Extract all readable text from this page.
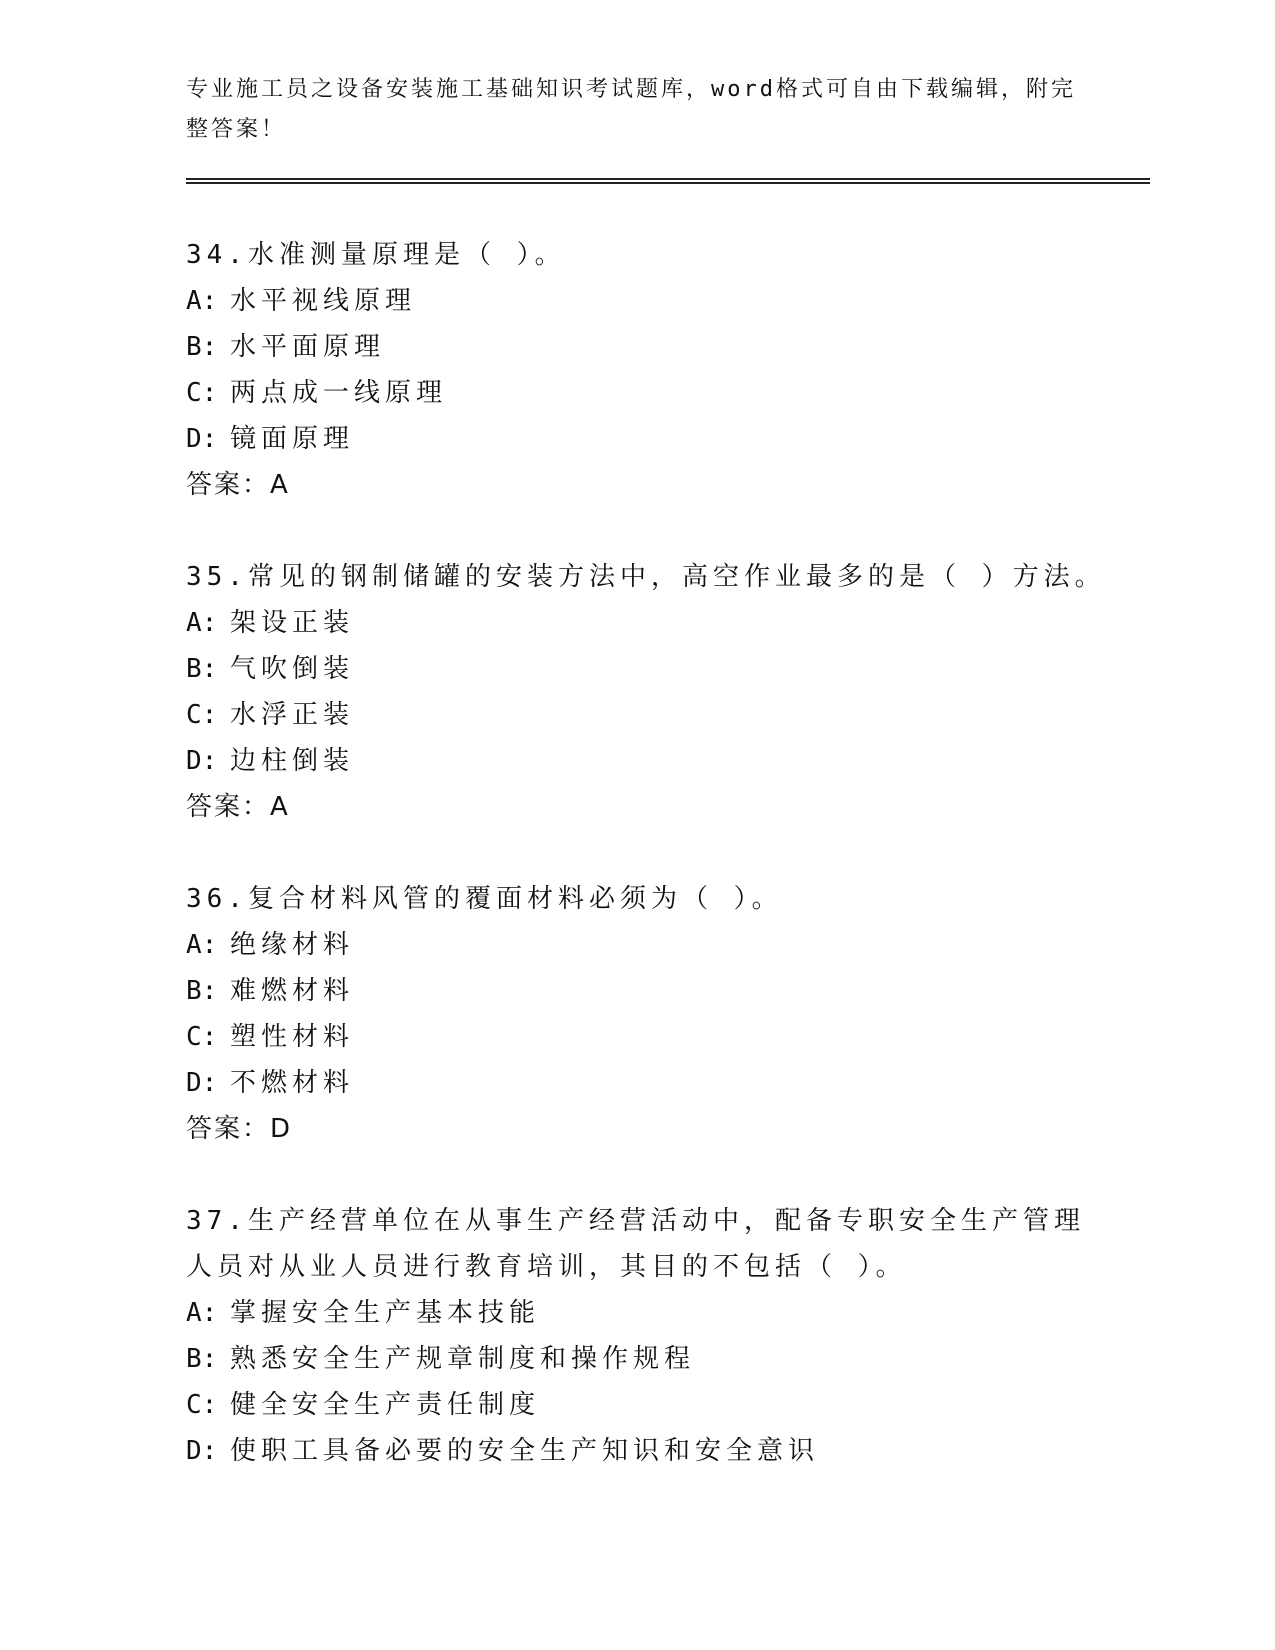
专业施工员之设备安装施工基础知识考试题库，word格式可自由下载编辑，附完整答案！
34.水准测量原理是（ ）。
A: 水平视线原理
B: 水平面原理
C: 两点成一线原理
D: 镜面原理
答案：A
35.常见的钢制储罐的安装方法中，高空作业最多的是（ ）方法。
A: 架设正装
B: 气吹倒装
C: 水浮正装
D: 边柱倒装
答案：A
36.复合材料风管的覆面材料必须为（ ）。
A: 绝缘材料
B: 难燃材料
C: 塑性材料
D: 不燃材料
答案：D
37.生产经营单位在从事生产经营活动中，配备专职安全生产管理人员对从业人员进行教育培训，其目的不包括（ ）。
A: 掌握安全生产基本技能
B: 熟悉安全生产规章制度和操作规程
C: 健全安全生产责任制度
D: 使职工具备必要的安全生产知识和安全意识
